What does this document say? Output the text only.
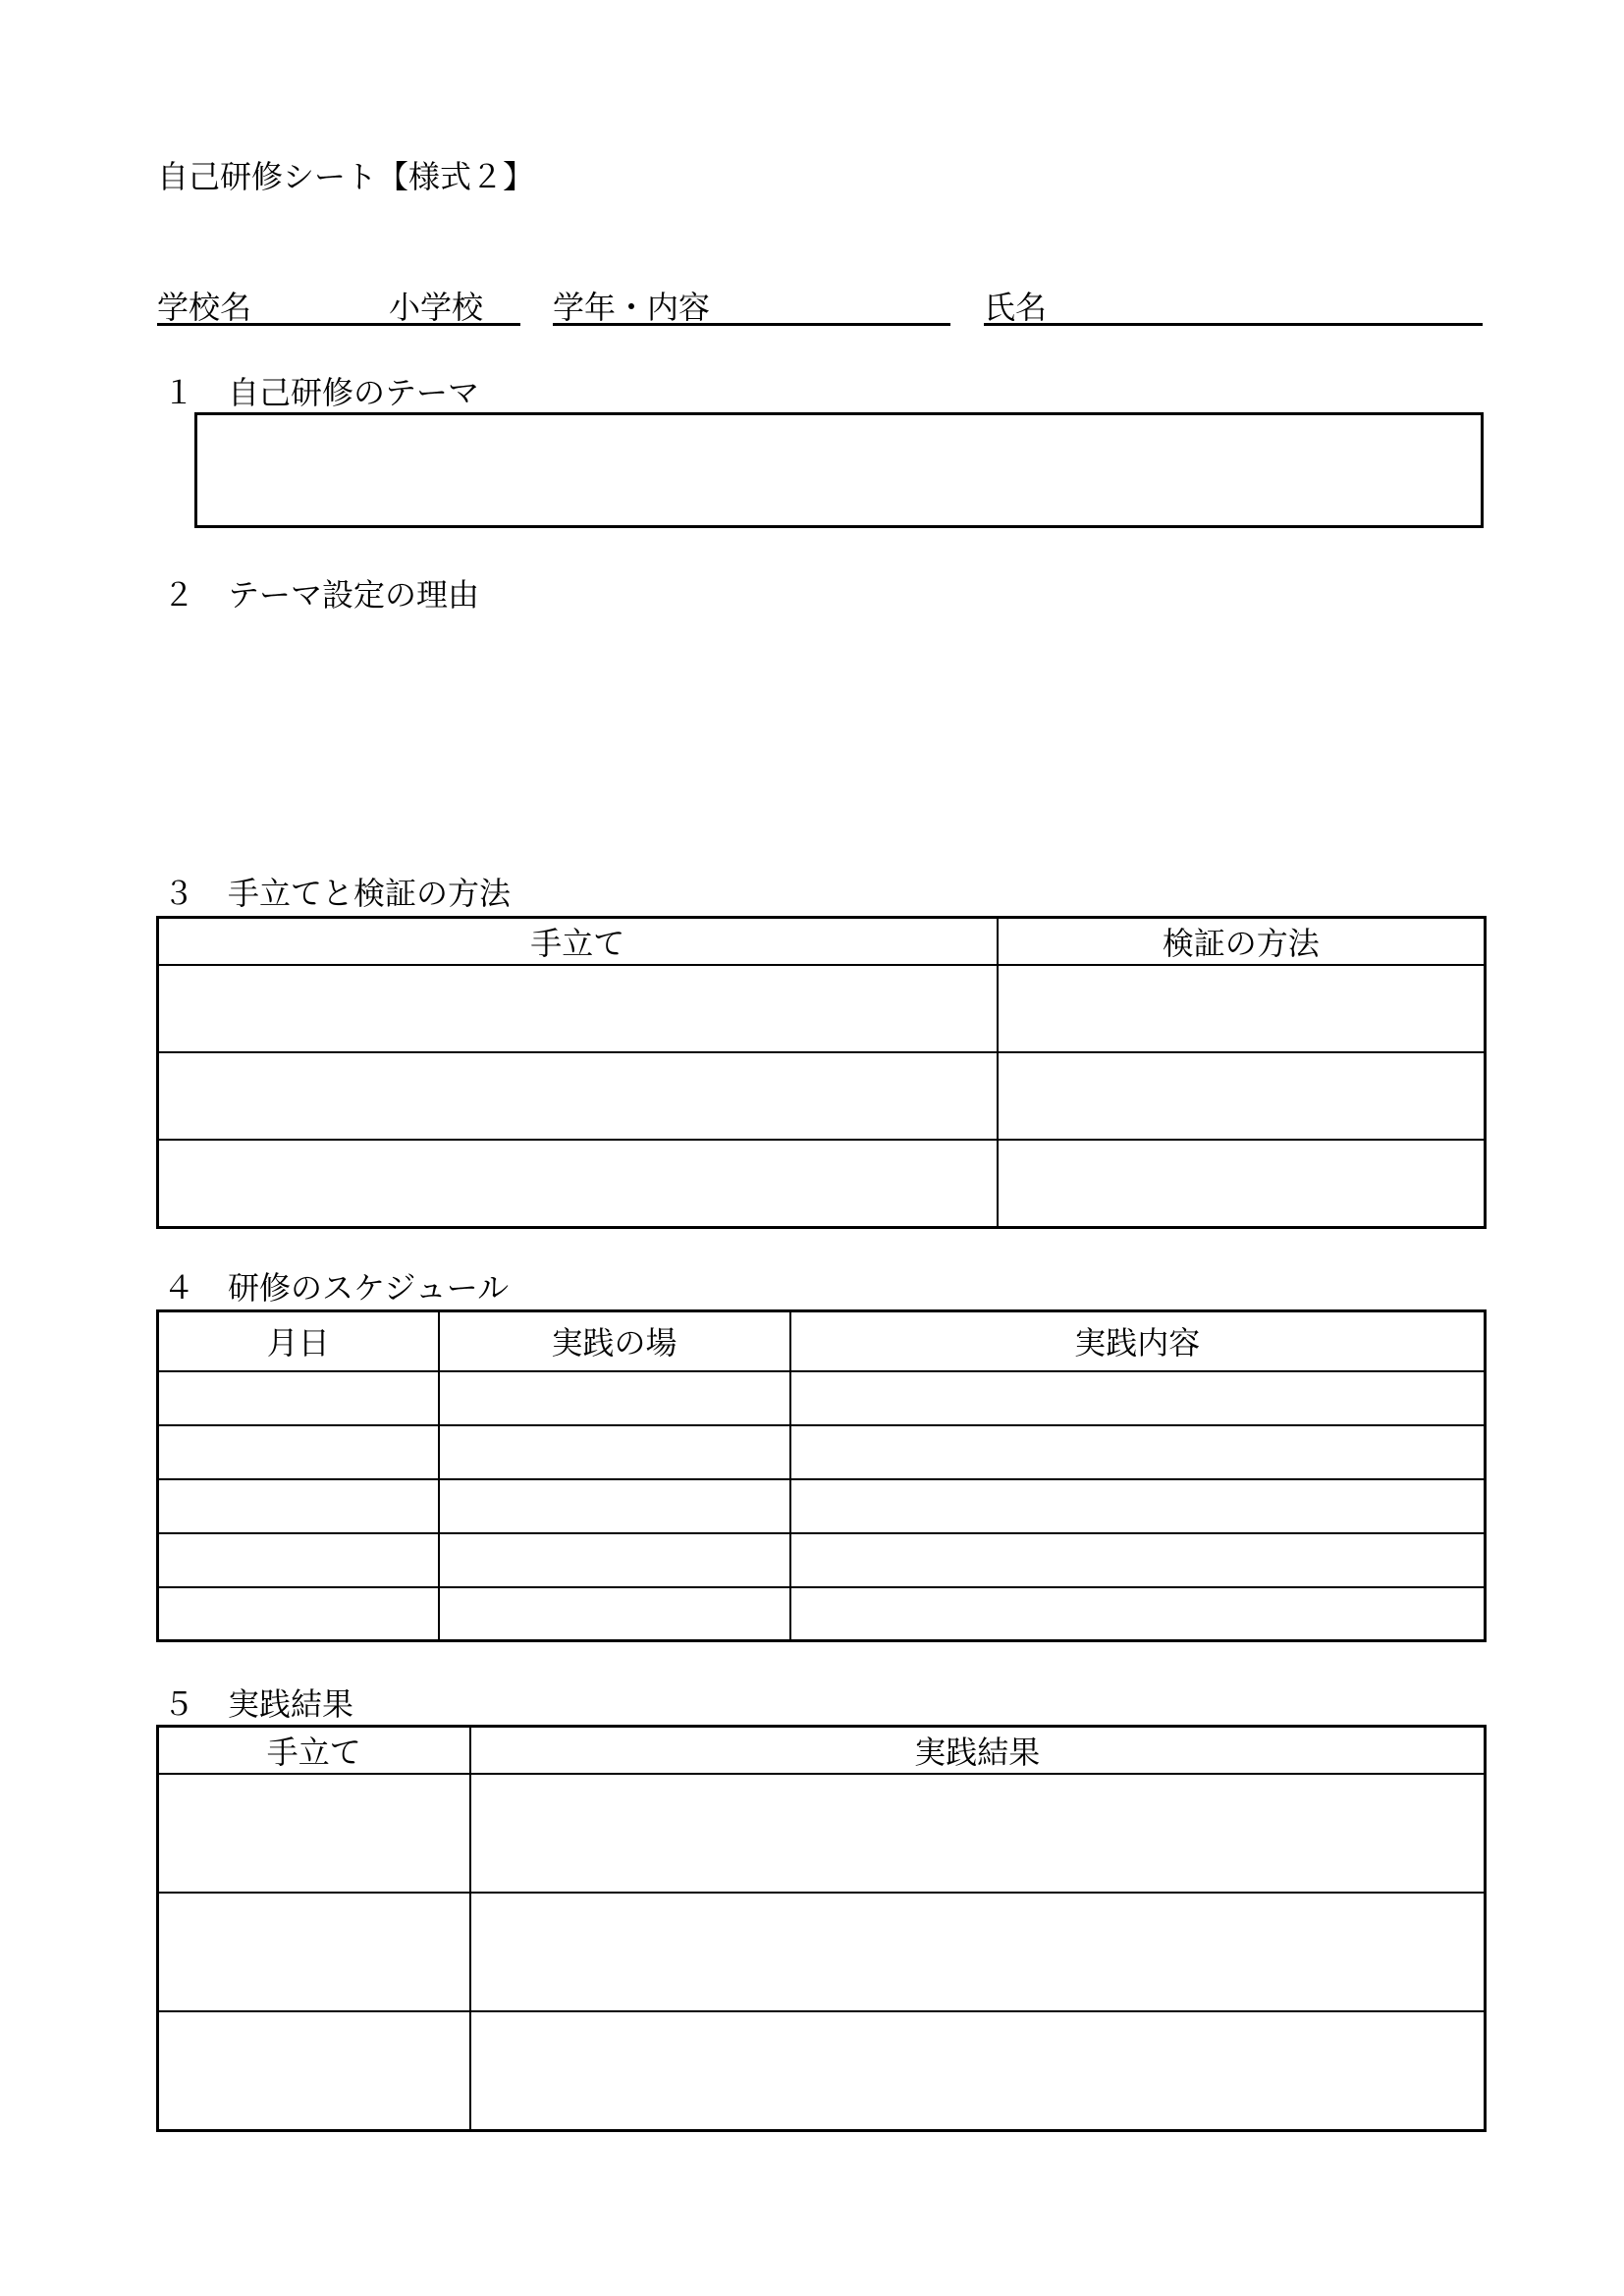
自己研修シート【様式２】
学校名	小学校 学年・内容	氏名
１ 自己研修のテーマ
２ テーマ設定の理由
３ 手立てと検証の方法
手立て	検証の方法

４ 研修のスケジュール
月日	実践の場	実践内容

５ 実践結果
手立て	実践結果
